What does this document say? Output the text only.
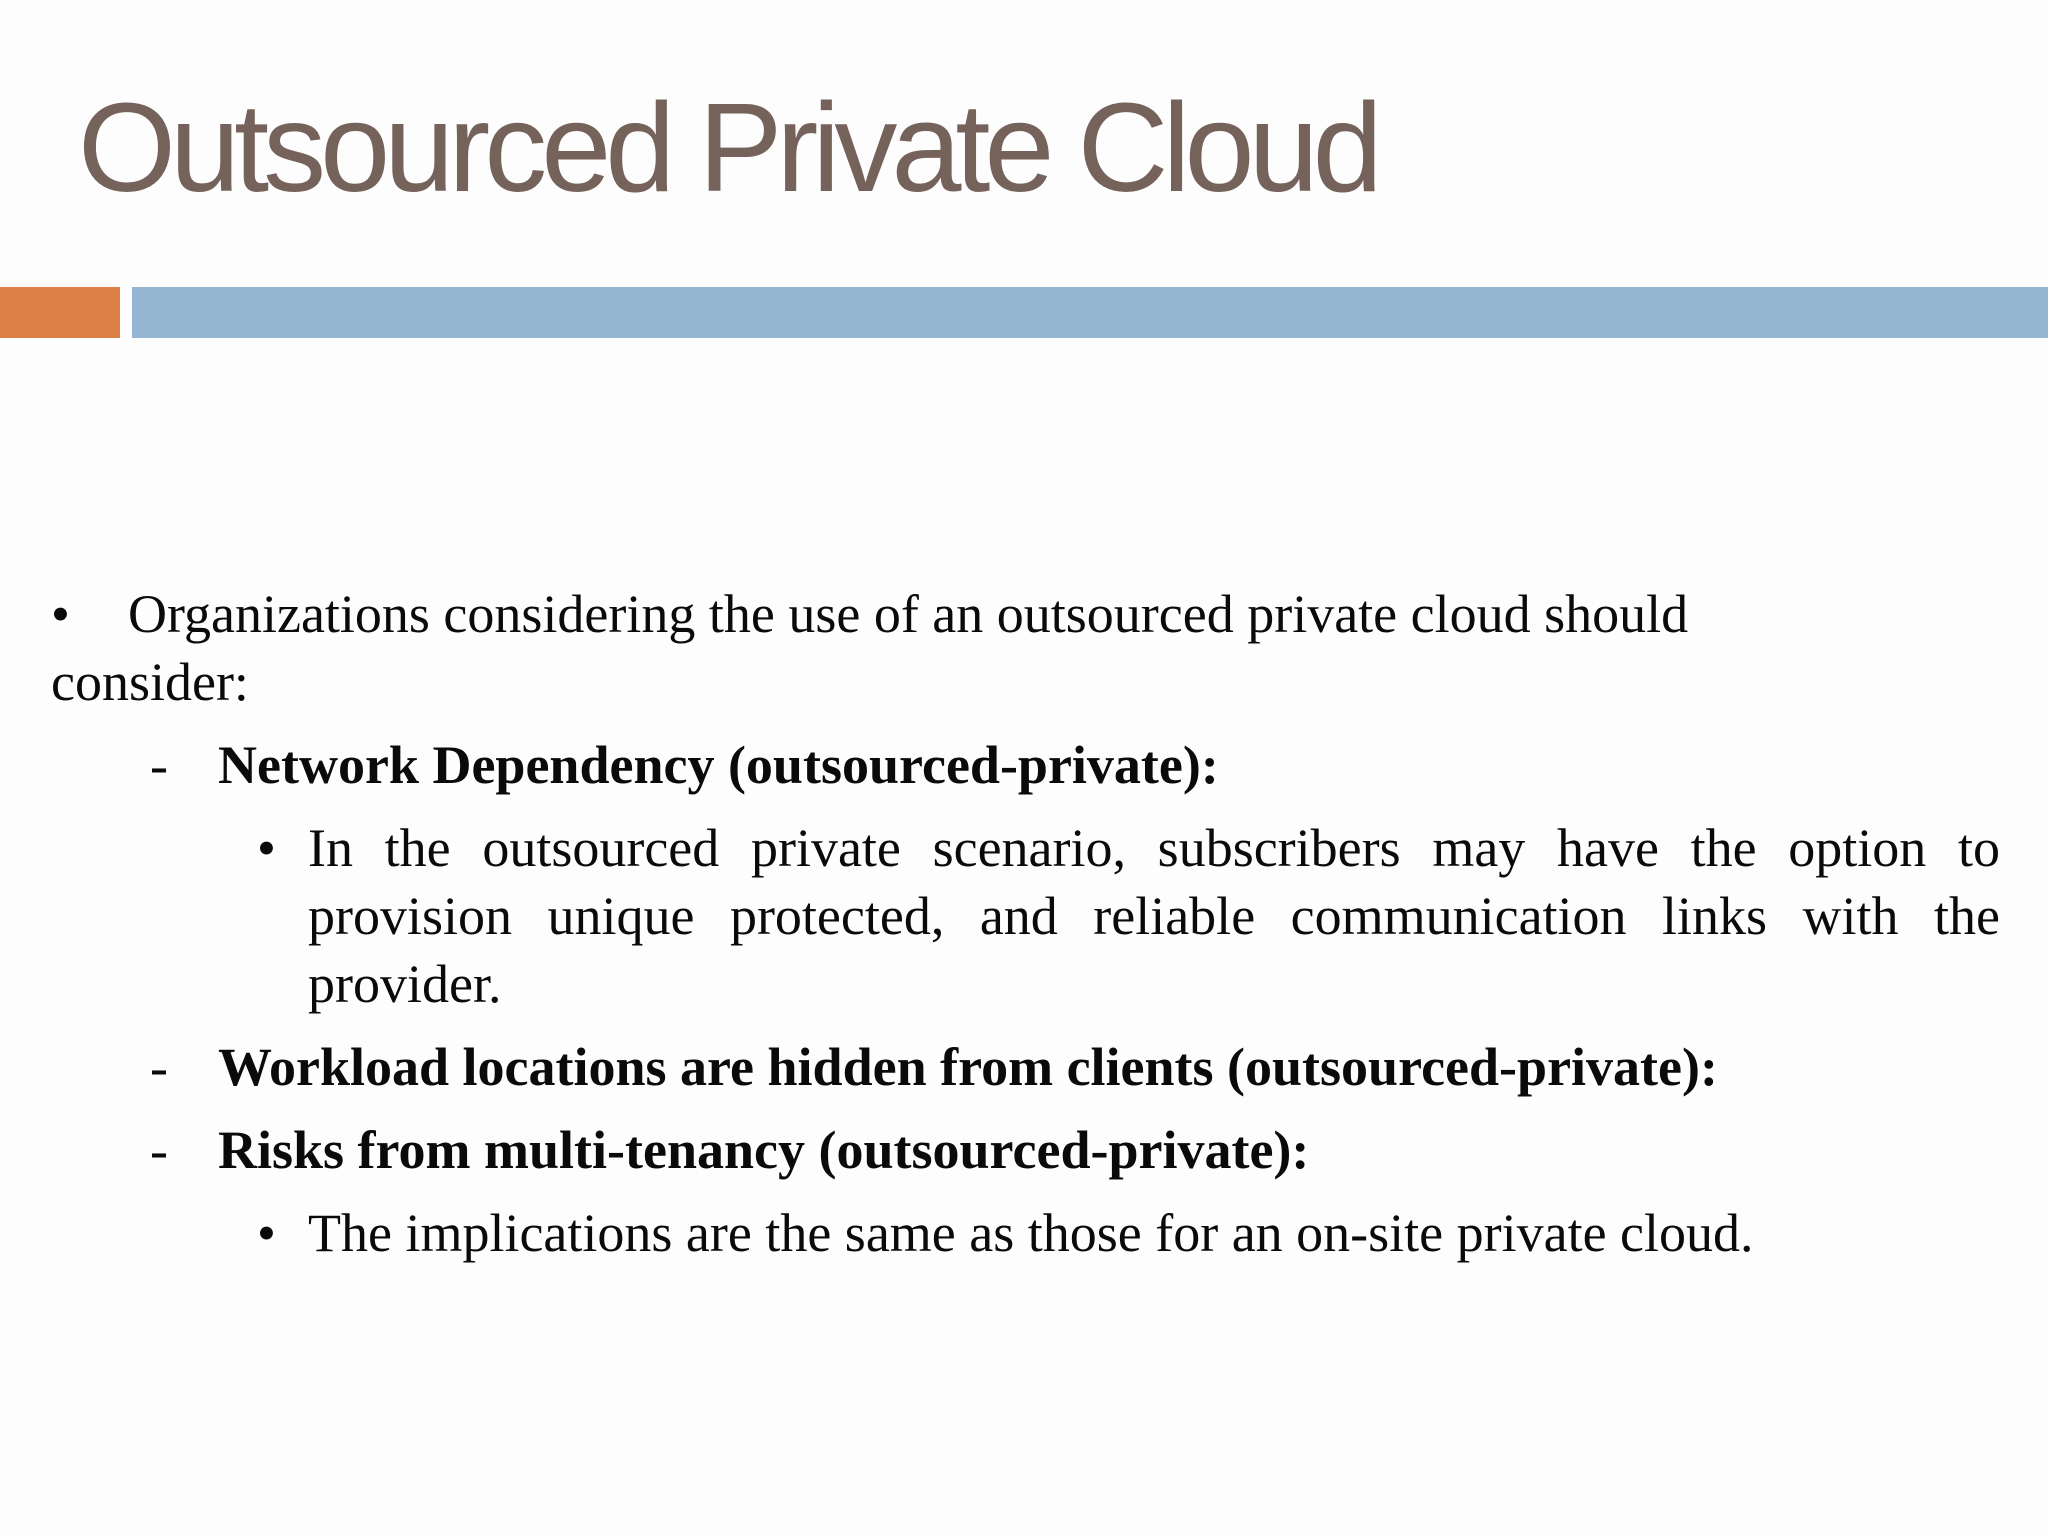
Outsourced Private Cloud
• Organizations considering the use of an outsourced private cloud should consider:
- Network Dependency (outsourced-private):
• In the outsourced private scenario, subscribers may have the option to provision unique protected, and reliable communication links with the provider.
- Workload locations are hidden from clients (outsourced-private):
- Risks from multi-tenancy (outsourced-private):
• The implications are the same as those for an on-site private cloud.
